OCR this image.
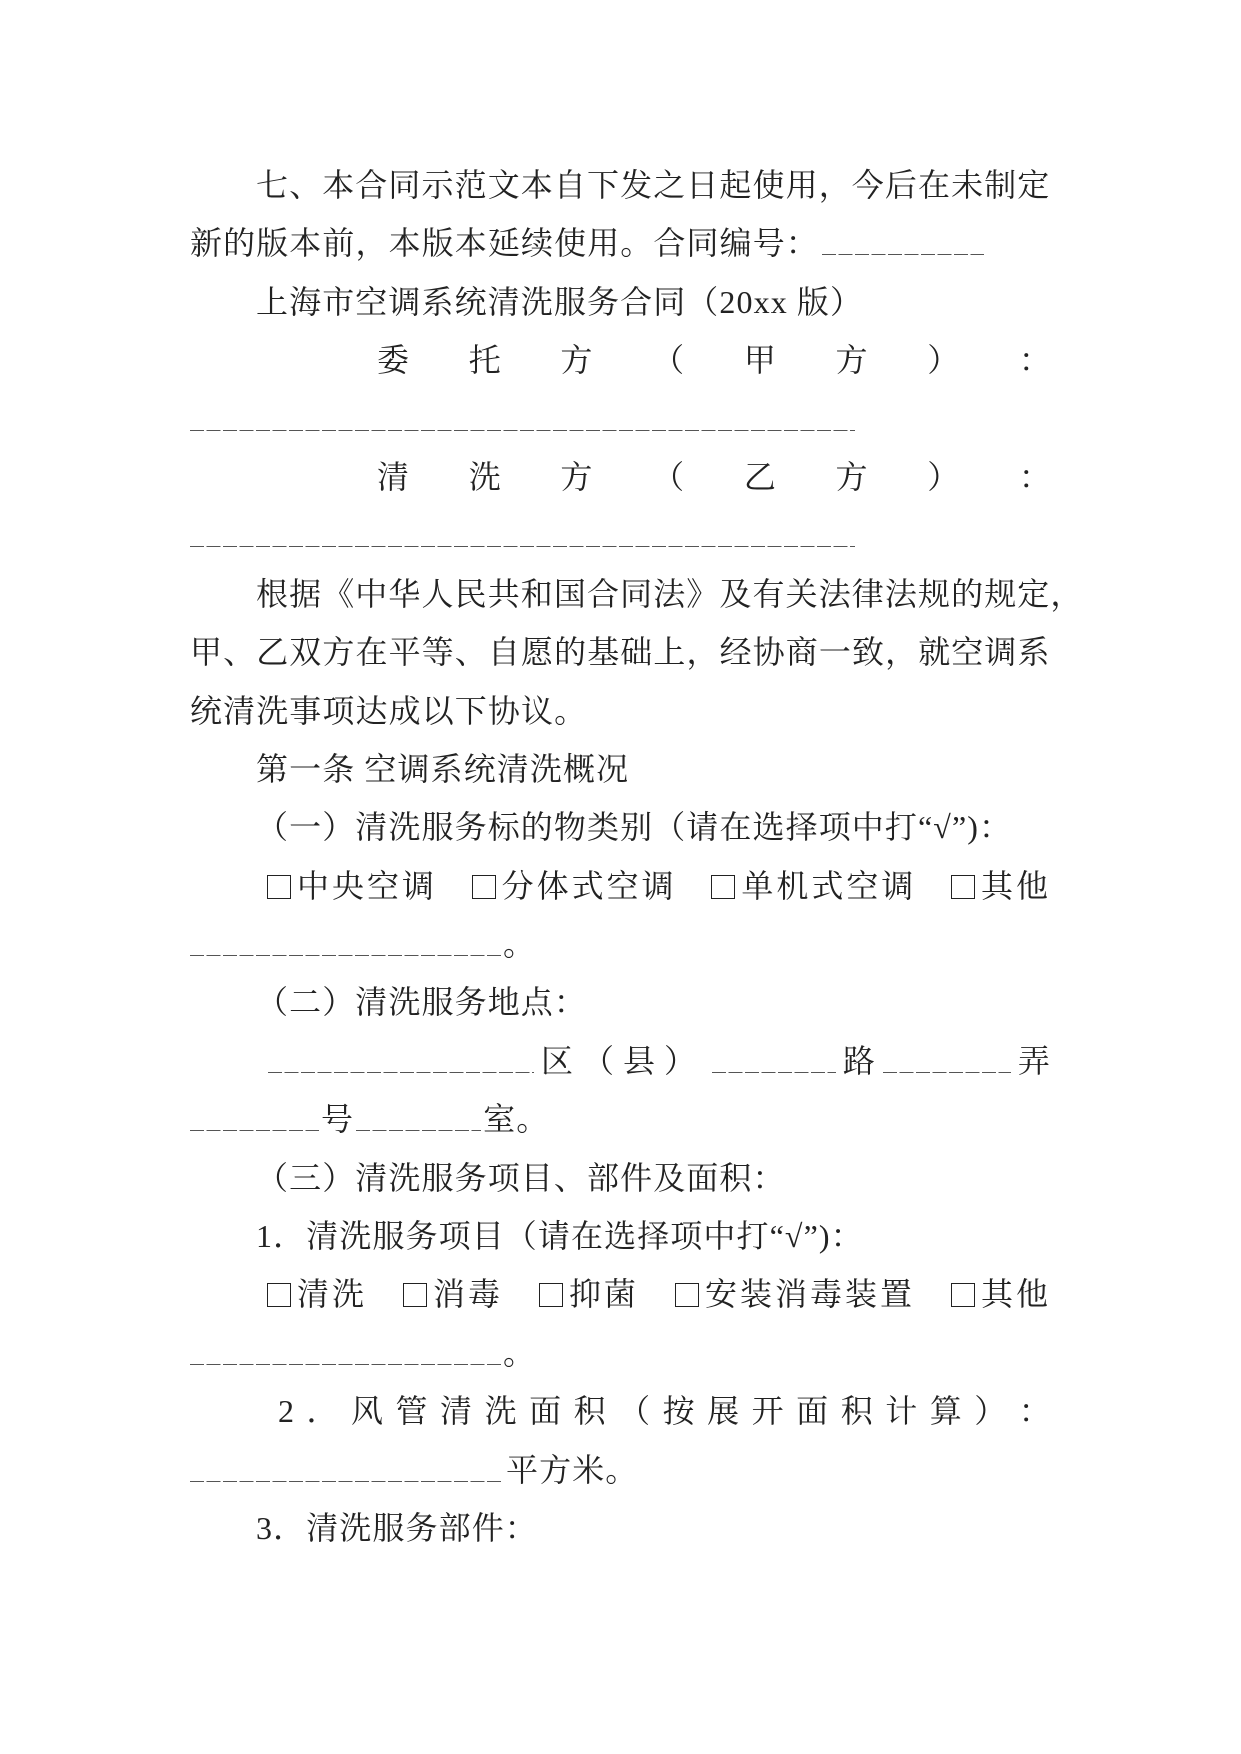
七、本合同示范文本自下发之日起使用，今后在未制定
新的版本前，本版本延续使用。合同编号：
上海市空调系统清洗服务合同（20xx 版）
委 托 方 （ 甲 方 ） ：
清 洗 方 （ 乙 方 ） ：
根据《中华人民共和国合同法》及有关法律法规的规定，
甲、乙双方在平等、自愿的基础上，经协商一致，就空调系
统清洗事项达成以下协议。
第一条 空调系统清洗概况
（一）清洗服务标的物类别（请在选择项中打“√”)：
中央空调	分体式空调	单机式空调	其他
。
（二）清洗服务地点：
区（县）	路	弄
号	室。
（三）清洗服务项目、部件及面积：
1．清洗服务项目（请在选择项中打“√”)：
清洗	消毒	抑菌	安装消毒装置	其他
。
2 ． 风 管 清 洗 面 积 （ 按 展 开 面 积 计 算 ） ：
平方米。
3．清洗服务部件：
